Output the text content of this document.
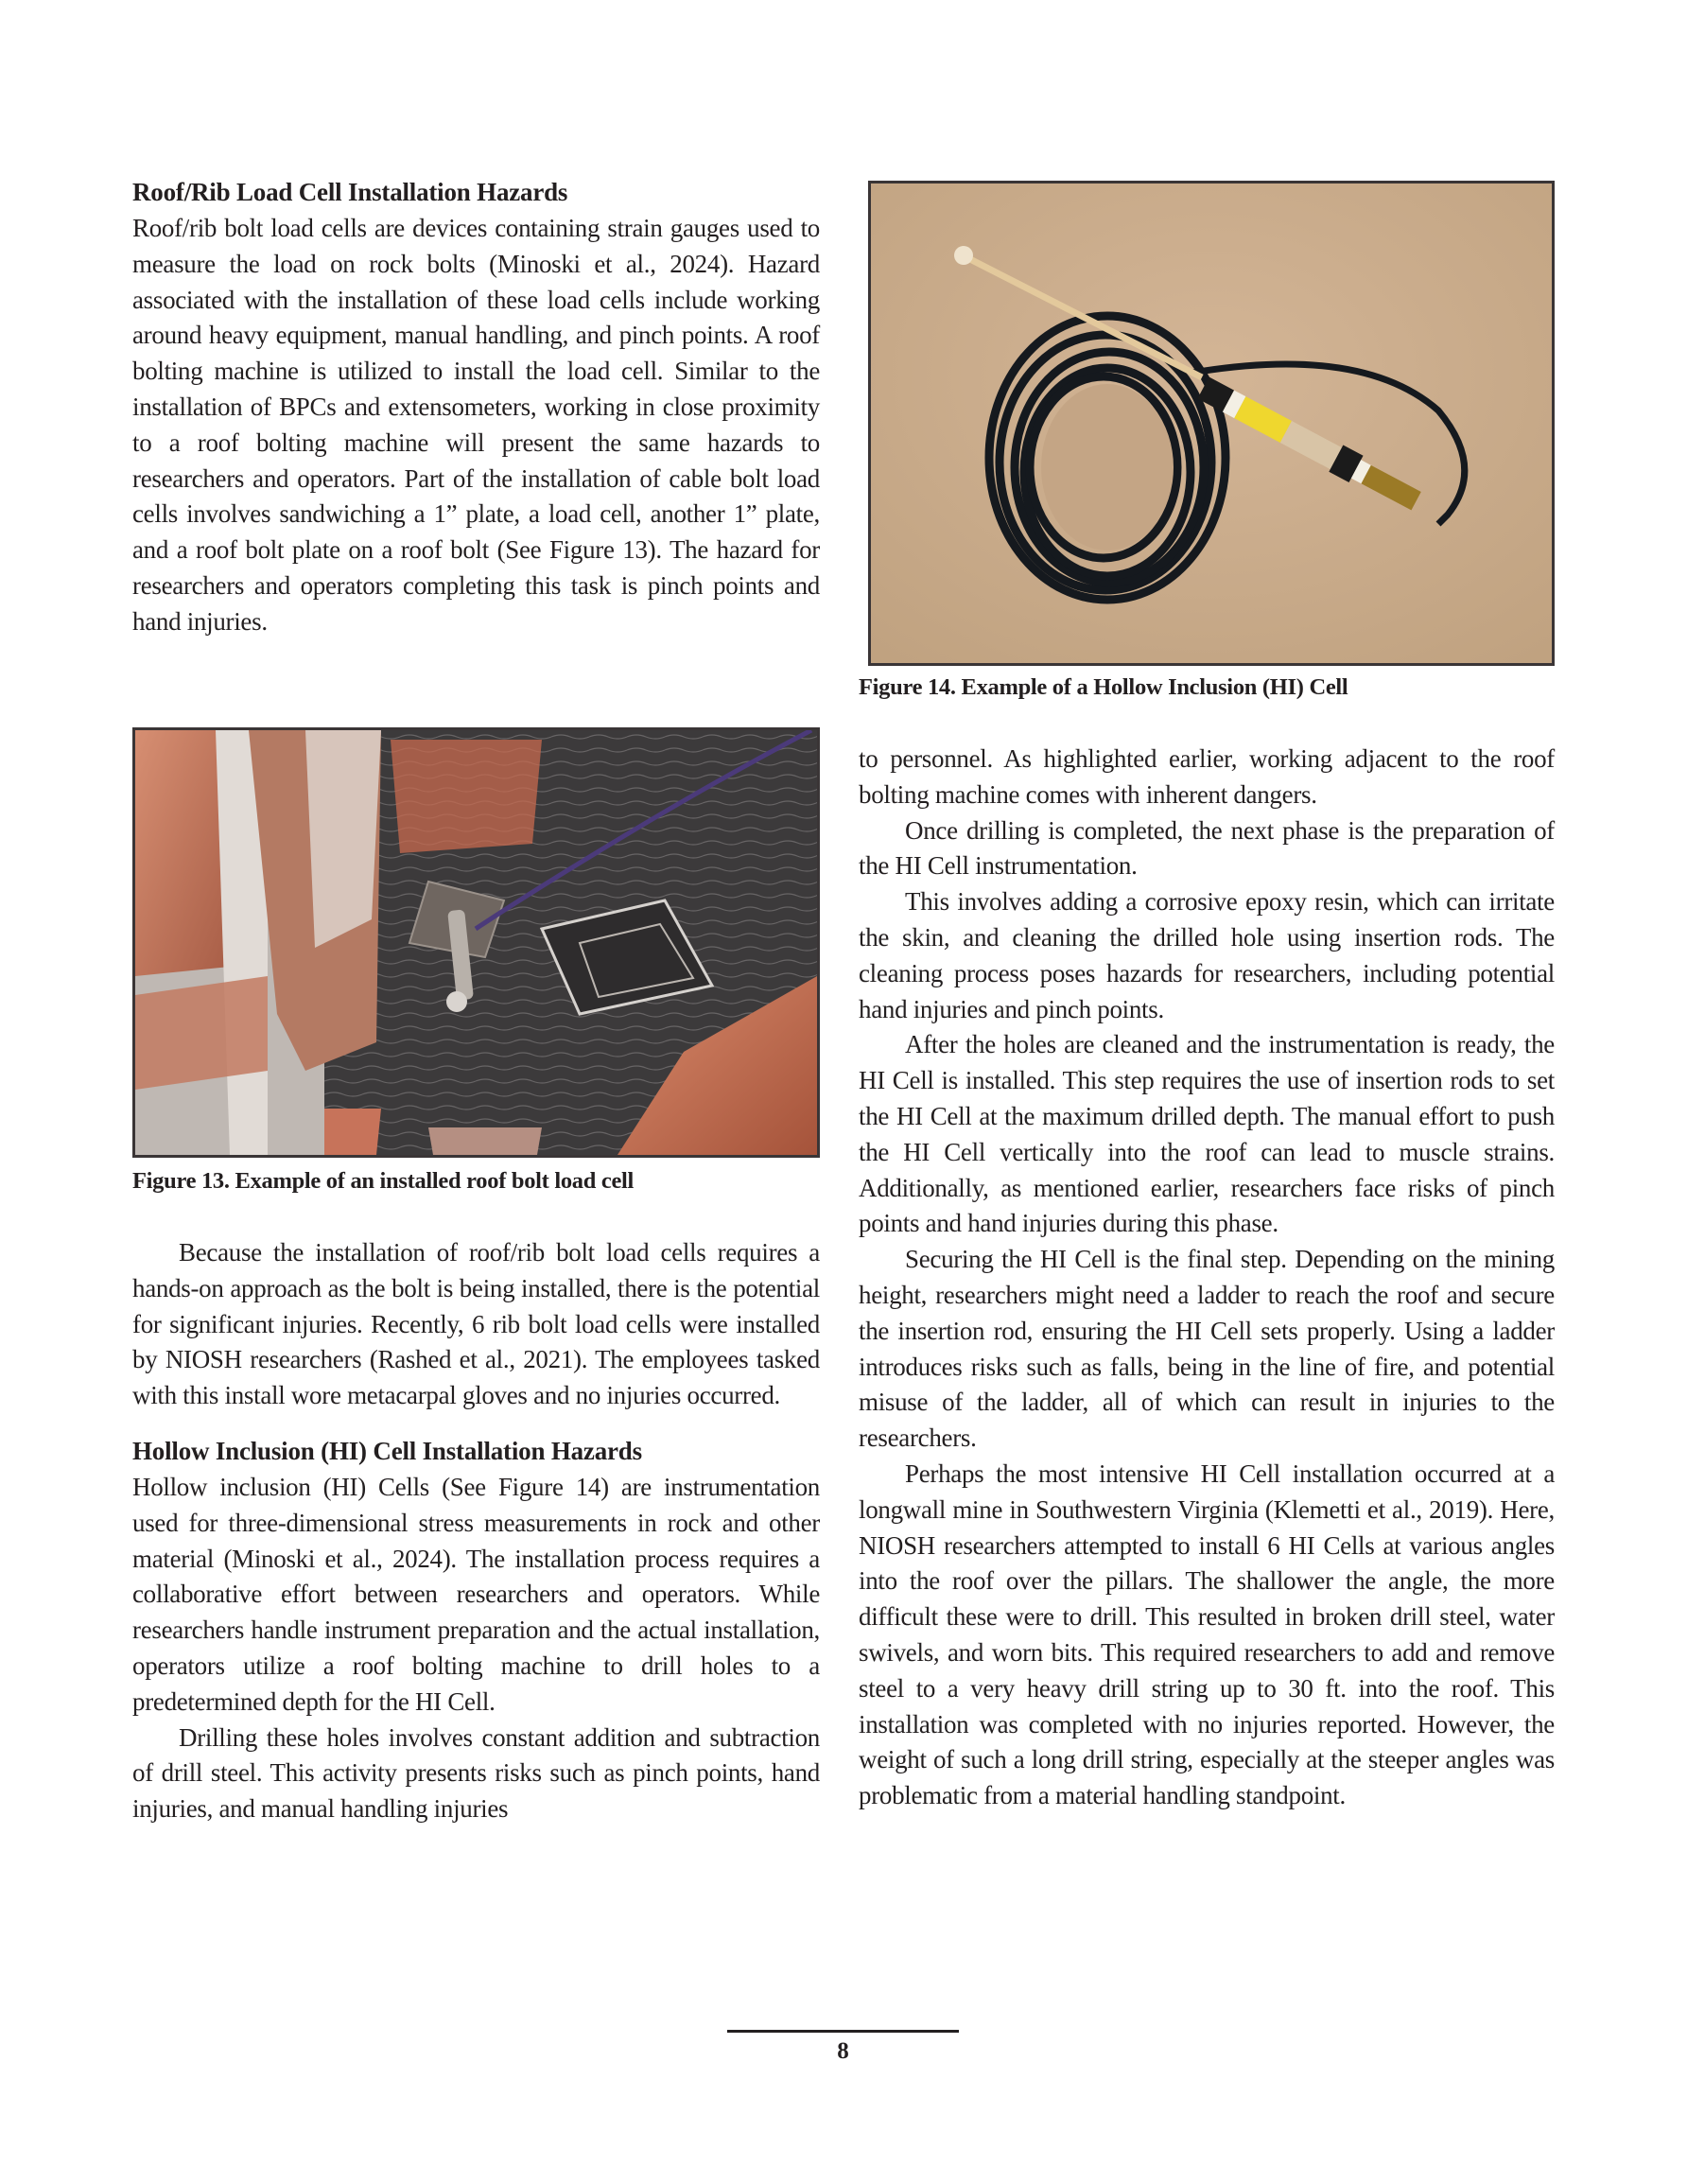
Roof/Rib Load Cell Installation Hazards

Roof/rib bolt load cells are devices containing strain gauges used to measure the load on rock bolts (Minoski et al., 2024). Hazard associated with the installation of these load cells include working around heavy equipment, manual handling, and pinch points. A roof bolting machine is utilized to install the load cell. Similar to the installation of BPCs and extensometers, working in close proximity to a roof bolting machine will present the same hazards to researchers and operators. Part of the installation of cable bolt load cells involves sandwiching a 1” plate, a load cell, another 1” plate, and a roof bolt plate on a roof bolt (See Figure 13). The hazard for researchers and operators completing this task is pinch points and hand injuries.

Figure 13. Example of an installed roof bolt load cell

Because the installation of roof/rib bolt load cells requires a hands-on approach as the bolt is being installed, there is the potential for significant injuries. Recently, 6 rib bolt load cells were installed by NIOSH researchers (Rashed et al., 2021). The employees tasked with this install wore metacarpal gloves and no injuries occurred.

Hollow Inclusion (HI) Cell Installation Hazards

Hollow inclusion (HI) Cells (See Figure 14) are instrumentation used for three-dimensional stress measurements in rock and other material (Minoski et al., 2024). The installation process requires a collaborative effort between researchers and operators. While researchers handle instrument preparation and the actual installation, operators utilize a roof bolting machine to drill holes to a predetermined depth for the HI Cell.

Drilling these holes involves constant addition and subtraction of drill steel. This activity presents risks such as pinch points, hand injuries, and manual handling injuries

Figure 14. Example of a Hollow Inclusion (HI) Cell

to personnel. As highlighted earlier, working adjacent to the roof bolting machine comes with inherent dangers.

Once drilling is completed, the next phase is the preparation of the HI Cell instrumentation.

This involves adding a corrosive epoxy resin, which can irritate the skin, and cleaning the drilled hole using insertion rods. The cleaning process poses hazards for researchers, including potential hand injuries and pinch points.

After the holes are cleaned and the instrumentation is ready, the HI Cell is installed. This step requires the use of insertion rods to set the HI Cell at the maximum drilled depth. The manual effort to push the HI Cell vertically into the roof can lead to muscle strains. Additionally, as mentioned earlier, researchers face risks of pinch points and hand injuries during this phase.

Securing the HI Cell is the final step. Depending on the mining height, researchers might need a ladder to reach the roof and secure the insertion rod, ensuring the HI Cell sets properly. Using a ladder introduces risks such as falls, being in the line of fire, and potential misuse of the ladder, all of which can result in injuries to the researchers.

Perhaps the most intensive HI Cell installation occurred at a longwall mine in Southwestern Virginia (Klemetti et al., 2019). Here, NIOSH researchers attempted to install 6 HI Cells at various angles into the roof over the pillars. The shallower the angle, the more difficult these were to drill. This resulted in broken drill steel, water swivels, and worn bits. This required researchers to add and remove steel to a very heavy drill string up to 30 ft. into the roof. This installation was completed with no injuries reported. However, the weight of such a long drill string, especially at the steeper angles was problematic from a material handling standpoint.

8
